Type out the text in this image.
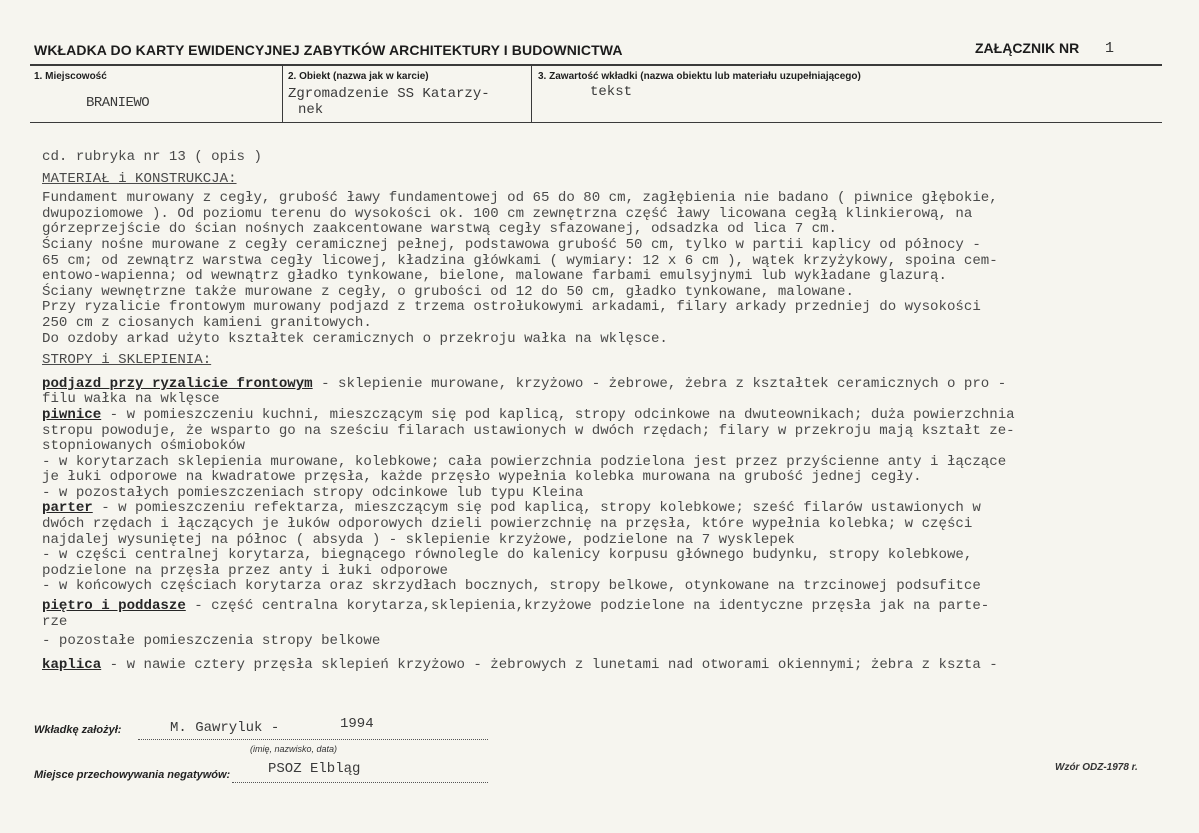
WKŁADKA DO KARTY EWIDENCYJNEJ ZABYTKÓW ARCHITEKTURY I BUDOWNICTWA	ZAŁĄCZNIK NR 1
1. Miejscowość
BRANIEWO
2. Obiekt (nazwa jak w karcie)
Zgromadzenie SS Katarzy-
nek
3. Zawartość wkładki (nazwa obiektu lub materiału uzupełniającego)
tekst
cd. rubryka nr 13 ( opis )
MATERIAŁ i KONSTRUKCJA:
Fundament murowany z cegły, grubość ławy fundamentowej od 65 do 80 cm, zagłębienia nie badano ( piwnice głębokie,
dwupoziomowe ). Od poziomu terenu do wysokości ok. 100 cm zewnętrzna część ławy licowana cegłą klinkierową, na
górzeprzejście do ścian nośnych zaakcentowane warstwą cegły sfazowanej, odsadzka od lica 7 cm.
Ściany nośne murowane z cegły ceramicznej pełnej, podstawowa grubość 50 cm, tylko w partii kaplicy od północy -
65 cm; od zewnątrz warstwa cegły licowej, kładzina główkami ( wymiary: 12 x 6 cm ), wątek krzyżykowy, spoina cem-
entowo-wapienna; od wewnątrz gładko tynkowane, bielone, malowane farbami emulsyjnymi lub wykładane glazurą.
Ściany wewnętrzne także murowane z cegły, o grubości od 12 do 50 cm, gładko tynkowane, malowane.
Przy ryzalicie frontowym murowany podjazd z trzema ostrołukowymi arkadami, filary arkady przedniej do wysokości
250 cm z ciosanych kamieni granitowych.
Do ozdoby arkad użyto kształtek ceramicznych o przekroju wałka na wklęsce.
STROPY i SKLEPIENIA:
podjazd przy ryzalicie frontowym - sklepienie murowane, krzyżowo - żebrowe, żebra z kształtek ceramicznych o pro -
filu wałka na wklęsce
piwnice - w pomieszczeniu kuchni, mieszczącym się pod kaplicą, stropy odcinkowe na dwuteownikach; duża powierzchnia
stropu powoduje, że wsparto go na sześciu filarach ustawionych w dwóch rzędach; filary w przekroju mają kształt ze-
stopniowanych ośmioboków
- w korytarzach sklepienia murowane, kolebkowe; cała powierzchnia podzielona jest przez przyścienne anty i łączące
je łuki odporowe na kwadratowe przęsła, każde przęsło wypełnia kolebka murowana na grubość jednej cegły.
- w pozostałych pomieszczeniach stropy odcinkowe lub typu Kleina
parter - w pomieszczeniu refektarza, mieszczącym się pod kaplicą, stropy kolebkowe; sześć filarów ustawionych w
dwóch rzędach i łączących je łuków odporowych dzieli powierzchnię na przęsła, które wypełnia kolebka; w części
najdalej wysuniętej na północ ( absyda ) - sklepienie krzyżowe, podzielone na 7 wysklepek
- w części centralnej korytarza, biegnącego równolegle do kalenicy korpusu głównego budynku, stropy kolebkowe,
podzielone na przęsła przez anty i łuki odporowe
- w końcowych częściach korytarza oraz skrzydłach bocznych, stropy belkowe, otynkowane na trzcinowej podsufitce
piętro i poddasze - część centralna korytarza,sklepienia,krzyżowe podzielone na identyczne przęsła jak na parte-
rze
- pozostałe pomieszczenia stropy belkowe
kaplica - w nawie cztery przęsła sklepień krzyżowo - żebrowych z lunetami nad otworami okiennymi; żebra z kszta -
Wkładkę założył:	M. Gawryluk -	1994
(imię, nazwisko, data)
Miejsce przechowywania negatywów:	PSOZ Elbląg	Wzór ODZ-1978 r.
